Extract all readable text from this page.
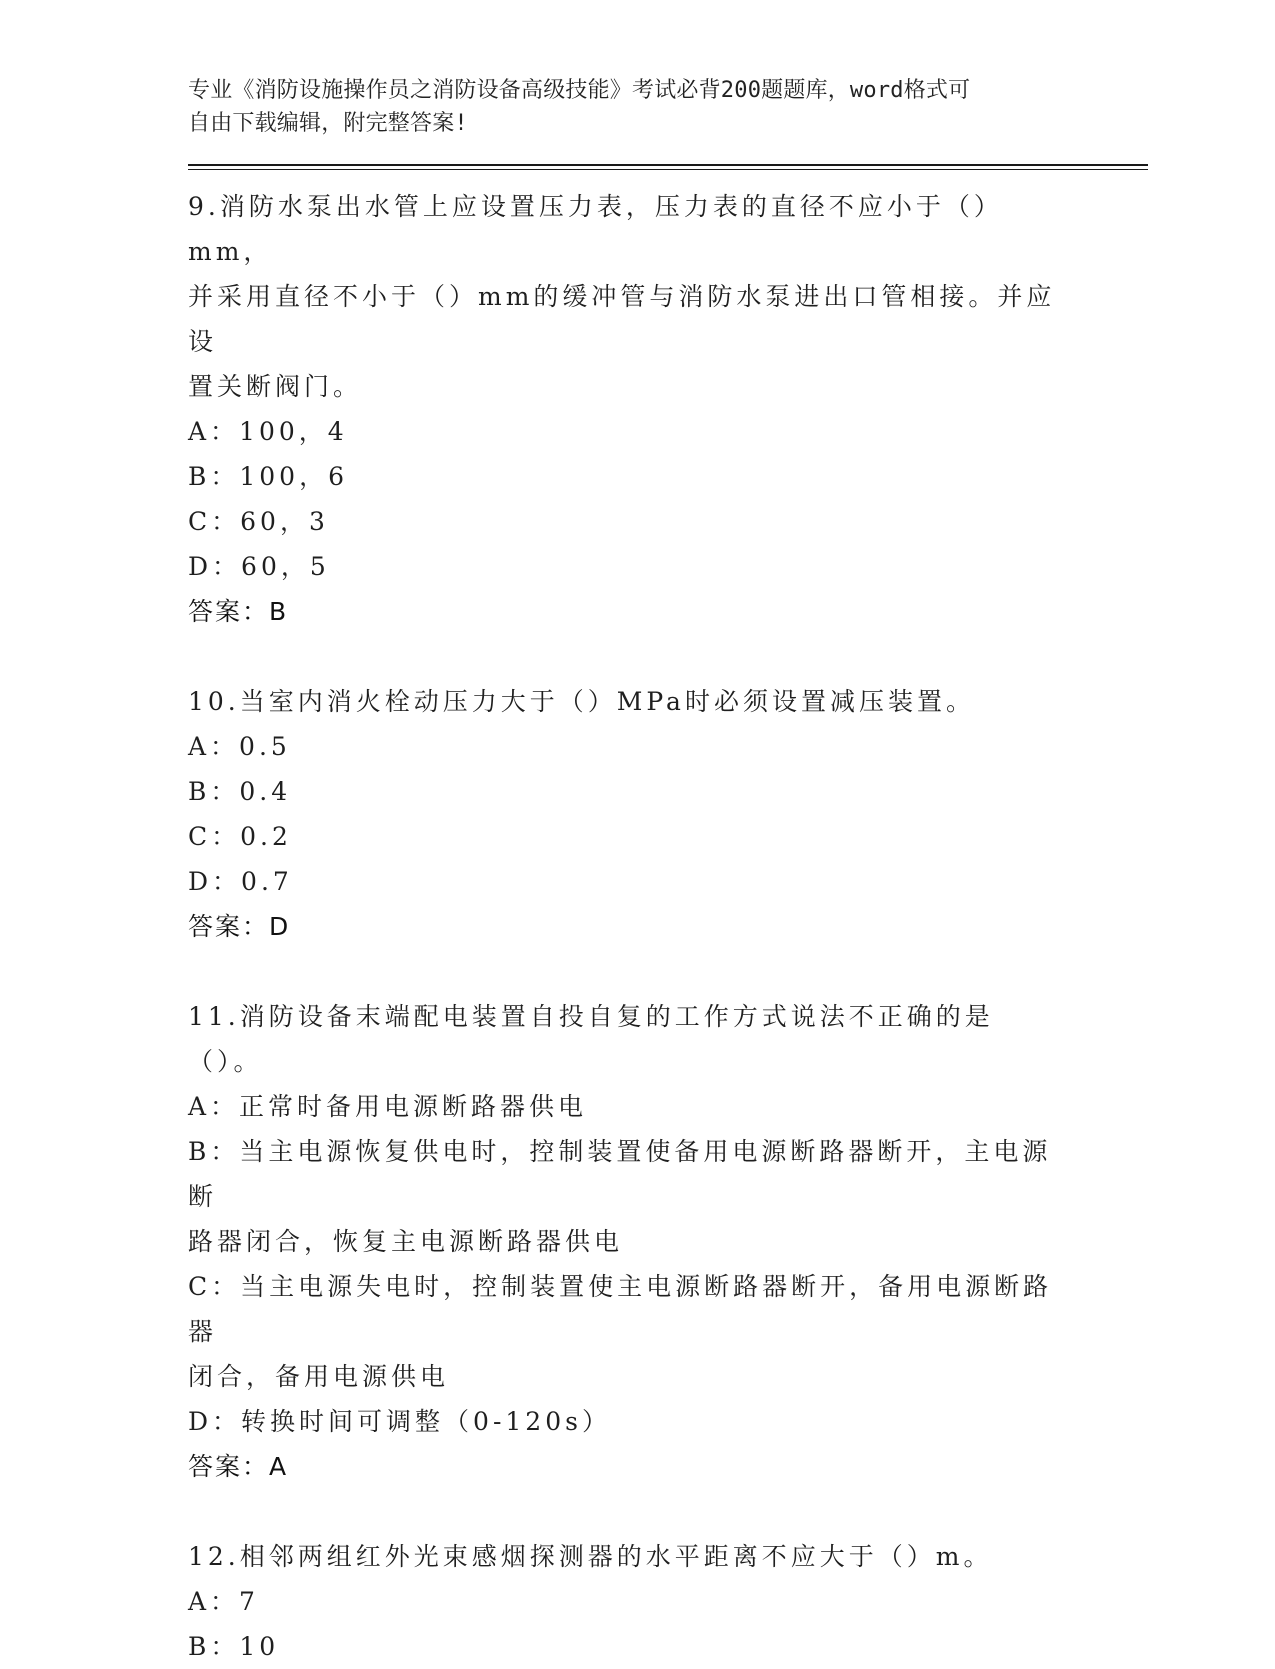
专业《消防设施操作员之消防设备高级技能》考试必背200题题库，word格式可
自由下载编辑，附完整答案!
9.消防水泵出水管上应设置压力表，压力表的直径不应小于（）mm，
并采用直径不小于（）mm的缓冲管与消防水泵进出口管相接。并应设
置关断阀门。
A：100，4
B：100，6
C：60，3
D：60，5
答案：B
10.当室内消火栓动压力大于（）MPa时必须设置减压装置。
A：0.5
B：0.4
C：0.2
D：0.7
答案：D
11.消防设备末端配电装置自投自复的工作方式说法不正确的是（）。
A：正常时备用电源断路器供电
B：当主电源恢复供电时，控制装置使备用电源断路器断开，主电源断
路器闭合，恢复主电源断路器供电
C：当主电源失电时，控制装置使主电源断路器断开，备用电源断路器
闭合，备用电源供电
D：转换时间可调整（0-120s）
答案：A
12.相邻两组红外光束感烟探测器的水平距离不应大于（）m。
A：7
B：10
